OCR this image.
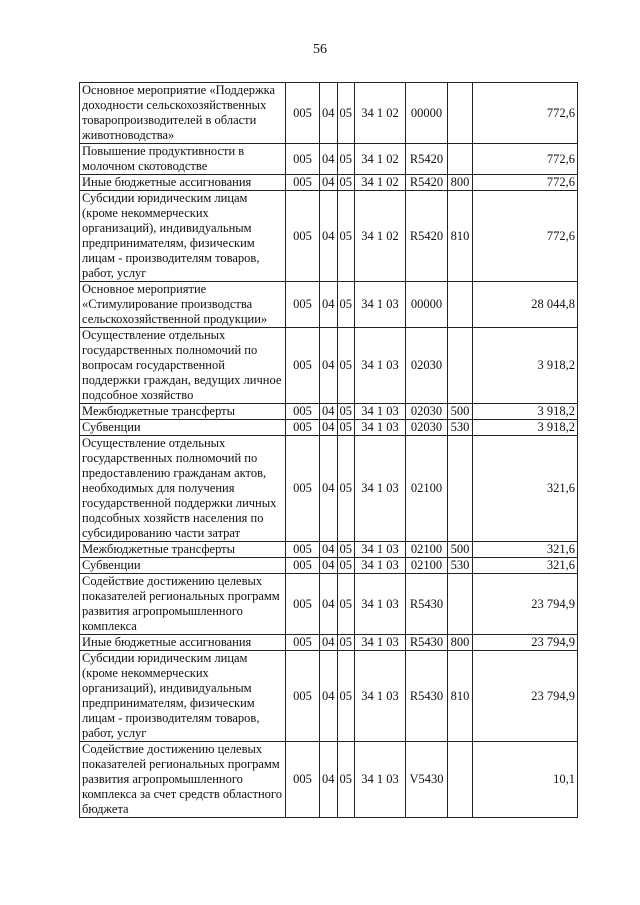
56
Основное мероприятие «Поддержка доходности сельскохозяйственных товаропроизводителей в области животноводства»	005	04	05	34 1 02	00000		772,6
Повышение продуктивности в молочном скотоводстве	005	04	05	34 1 02	R5420		772,6
Иные бюджетные ассигнования	005	04	05	34 1 02	R5420	800	772,6
Субсидии юридическим лицам (кроме некоммерческих организаций), индивидуальным предпринимателям, физическим лицам - производителям товаров, работ, услуг	005	04	05	34 1 02	R5420	810	772,6
Основное мероприятие «Стимулирование производства сельскохозяйственной продукции»	005	04	05	34 1 03	00000		28 044,8
Осуществление отдельных государственных полномочий по вопросам государственной поддержки граждан, ведущих личное подсобное хозяйство	005	04	05	34 1 03	02030		3 918,2
Межбюджетные трансферты	005	04	05	34 1 03	02030	500	3 918,2
Субвенции	005	04	05	34 1 03	02030	530	3 918,2
Осуществление отдельных государственных полномочий по предоставлению гражданам актов, необходимых для получения государственной поддержки личных подсобных хозяйств населения по субсидированию части затрат	005	04	05	34 1 03	02100		321,6
Межбюджетные трансферты	005	04	05	34 1 03	02100	500	321,6
Субвенции	005	04	05	34 1 03	02100	530	321,6
Содействие достижению целевых показателей региональных программ развития агропромышленного комплекса	005	04	05	34 1 03	R5430		23 794,9
Иные бюджетные ассигнования	005	04	05	34 1 03	R5430	800	23 794,9
Субсидии юридическим лицам (кроме некоммерческих организаций), индивидуальным предпринимателям, физическим лицам - производителям товаров, работ, услуг	005	04	05	34 1 03	R5430	810	23 794,9
Содействие достижению целевых показателей региональных программ развития агропромышленного комплекса за счет средств областного бюджета	005	04	05	34 1 03	V5430		10,1
